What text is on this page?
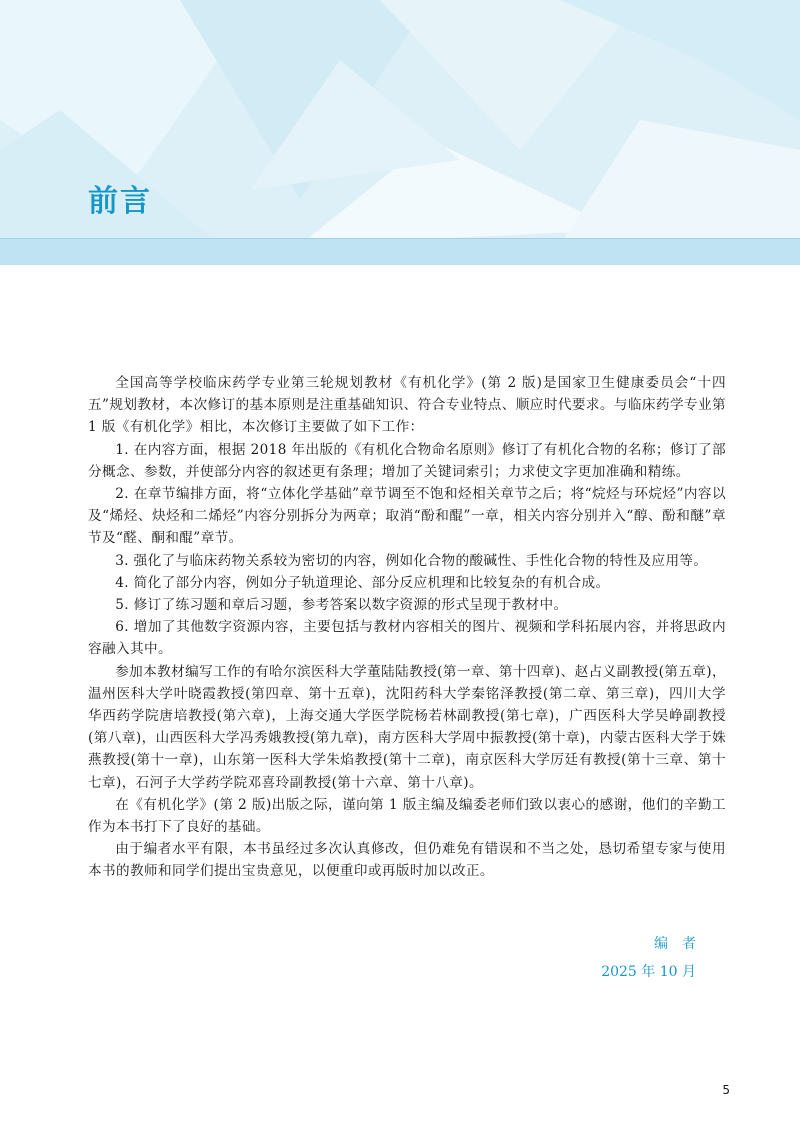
前言

全国高等学校临床药学专业第三轮规划教材《有机化学》(第 2 版)是国家卫生健康委员会“十四五”规划教材，本次修订的基本原则是注重基础知识、符合专业特点、顺应时代要求。与临床药学专业第 1 版《有机化学》相比，本次修订主要做了如下工作：

1. 在内容方面，根据 2018 年出版的《有机化合物命名原则》修订了有机化合物的名称；修订了部分概念、参数，并使部分内容的叙述更有条理；增加了关键词索引；力求使文字更加准确和精练。

2. 在章节编排方面，将“立体化学基础”章节调至不饱和烃相关章节之后；将“烷烃与环烷烃”内容以及“烯烃、炔烃和二烯烃”内容分别拆分为两章；取消“酚和醌”一章，相关内容分别并入“醇、酚和醚”章节及“醛、酮和醌”章节。

3. 强化了与临床药物关系较为密切的内容，例如化合物的酸碱性、手性化合物的特性及应用等。

4. 简化了部分内容，例如分子轨道理论、部分反应机理和比较复杂的有机合成。

5. 修订了练习题和章后习题，参考答案以数字资源的形式呈现于教材中。

6. 增加了其他数字资源内容，主要包括与教材内容相关的图片、视频和学科拓展内容，并将思政内容融入其中。

参加本教材编写工作的有哈尔滨医科大学董陆陆教授(第一章、第十四章)、赵占义副教授(第五章)，温州医科大学叶晓霞教授(第四章、第十五章)，沈阳药科大学秦铭泽教授(第二章、第三章)，四川大学华西药学院唐培教授(第六章)，上海交通大学医学院杨若林副教授(第七章)，广西医科大学吴峥副教授(第八章)，山西医科大学冯秀娥教授(第九章)，南方医科大学周中振教授(第十章)，内蒙古医科大学于姝燕教授(第十一章)，山东第一医科大学朱焰教授(第十二章)，南京医科大学厉廷有教授(第十三章、第十七章)，石河子大学药学院邓喜玲副教授(第十六章、第十八章)。

在《有机化学》(第 2 版)出版之际，谨向第 1 版主编及编委老师们致以衷心的感谢，他们的辛勤工作为本书打下了良好的基础。

由于编者水平有限，本书虽经过多次认真修改，但仍难免有错误和不当之处，恳切希望专家与使用本书的教师和同学们提出宝贵意见，以便重印或再版时加以改正。

编者

2025 年 10 月

5
